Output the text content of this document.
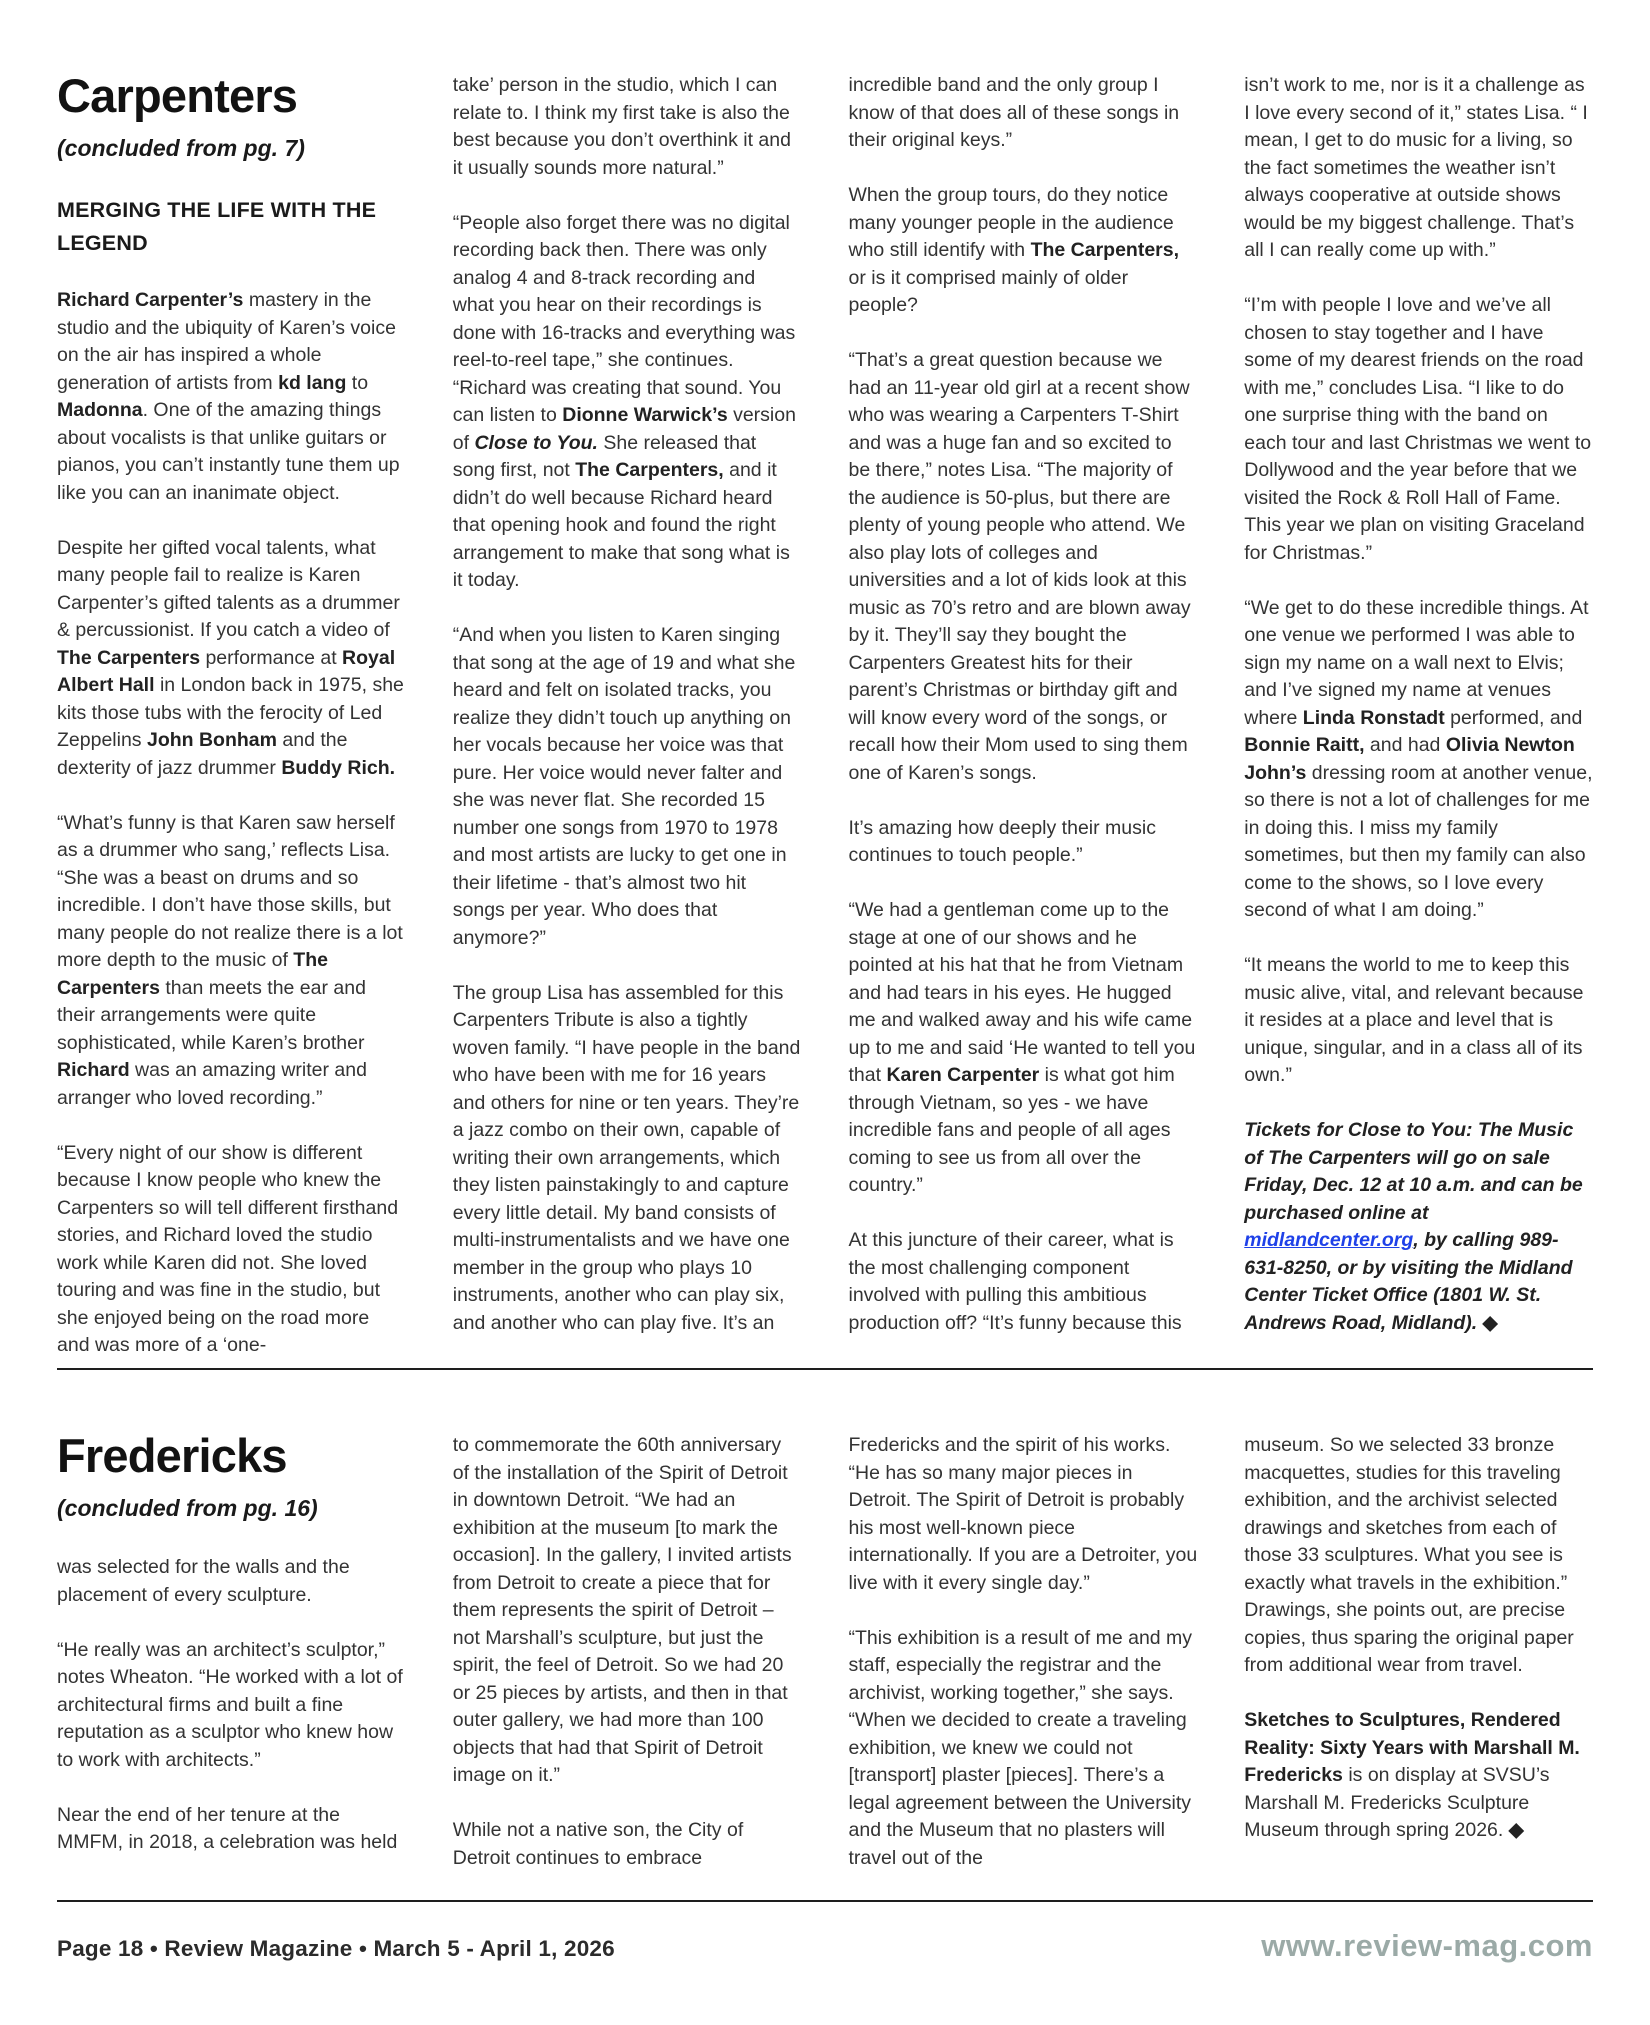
Carpenters
(concluded from pg. 7)
MERGING THE LIFE WITH THE LEGEND

Richard Carpenter’s mastery in the studio and the ubiquity of Karen’s voice on the air has inspired a whole generation of artists from kd lang to Madonna. One of the amazing things about vocalists is that unlike guitars or pianos, you can’t instantly tune them up like you can an inanimate object.

Despite her gifted vocal talents, what many people fail to realize is Karen Carpenter’s gifted talents as a drummer & percussionist. If you catch a video of The Carpenters performance at Royal Albert Hall in London back in 1975, she kits those tubs with the ferocity of Led Zeppelins John Bonham and the dexterity of jazz drummer Buddy Rich.

“What’s funny is that Karen saw herself as a drummer who sang,’ reflects Lisa. “She was a beast on drums and so incredible. I don’t have those skills, but many people do not realize there is a lot more depth to the music of The Carpenters than meets the ear and their arrangements were quite sophisticated, while Karen’s brother Richard was an amazing writer and arranger who loved recording.”

“Every night of our show is different because I know people who knew the Carpenters so will tell different firsthand stories, and Richard loved the studio work while Karen did not. She loved touring and was fine in the studio, but she enjoyed being on the road more and was more of a ‘one-

take’ person in the studio, which I can relate to. I think my first take is also the best because you don’t overthink it and it usually sounds more natural.”

“People also forget there was no digital recording back then. There was only analog 4 and 8-track recording and what you hear on their recordings is done with 16-tracks and everything was reel-to-reel tape,” she continues. “Richard was creating that sound. You can listen to Dionne Warwick’s version of Close to You. She released that song first, not The Carpenters, and it didn’t do well because Richard heard that opening hook and found the right arrangement to make that song what is it today.

“And when you listen to Karen singing that song at the age of 19 and what she heard and felt on isolated tracks, you realize they didn’t touch up anything on her vocals because her voice was that pure. Her voice would never falter and she was never flat. She recorded 15 number one songs from 1970 to 1978 and most artists are lucky to get one in their lifetime - that’s almost two hit songs per year. Who does that anymore?”

The group Lisa has assembled for this Carpenters Tribute is also a tightly woven family. “I have people in the band who have been with me for 16 years and others for nine or ten years. They’re a jazz combo on their own, capable of writing their own arrangements, which they listen painstakingly to and capture every little detail. My band consists of multi-instrumentalists and we have one member in the group who plays 10 instruments, another who can play six, and another who can play five. It’s an

incredible band and the only group I know of that does all of these songs in their original keys.”

When the group tours, do they notice many younger people in the audience who still identify with The Carpenters, or is it comprised mainly of older people?

“That’s a great question because we had an 11-year old girl at a recent show who was wearing a Carpenters T-Shirt and was a huge fan and so excited to be there,” notes Lisa. “The majority of the audience is 50-plus, but there are plenty of young people who attend. We also play lots of colleges and universities and a lot of kids look at this music as 70’s retro and are blown away by it. They’ll say they bought the Carpenters Greatest hits for their parent’s Christmas or birthday gift and will know every word of the songs, or recall how their Mom used to sing them one of Karen’s songs.

It’s amazing how deeply their music continues to touch people.”

“We had a gentleman come up to the stage at one of our shows and he pointed at his hat that he from Vietnam and had tears in his eyes. He hugged me and walked away and his wife came up to me and said ‘He wanted to tell you that Karen Carpenter is what got him through Vietnam, so yes - we have incredible fans and people of all ages coming to see us from all over the country.”

At this juncture of their career, what is the most challenging component involved with pulling this ambitious production off? “It’s funny because this

isn’t work to me, nor is it a challenge as I love every second of it,” states Lisa. “ I mean, I get to do music for a living, so the fact sometimes the weather isn’t always cooperative at outside shows would be my biggest challenge. That’s all I can really come up with.”

“I’m with people I love and we’ve all chosen to stay together and I have some of my dearest friends on the road with me,” concludes Lisa. “I like to do one surprise thing with the band on each tour and last Christmas we went to Dollywood and the year before that we visited the Rock & Roll Hall of Fame. This year we plan on visiting Graceland for Christmas.”

“We get to do these incredible things. At one venue we performed I was able to sign my name on a wall next to Elvis; and I’ve signed my name at venues where Linda Ronstadt performed, and Bonnie Raitt, and had Olivia Newton John’s dressing room at another venue, so there is not a lot of challenges for me in doing this. I miss my family sometimes, but then my family can also come to the shows, so I love every second of what I am doing.”

“It means the world to me to keep this music alive, vital, and relevant because it resides at a place and level that is unique, singular, and in a class all of its own.”

Tickets for Close to You: The Music of The Carpenters will go on sale Friday, Dec. 12 at 10 a.m. and can be purchased online at midlandcenter.org, by calling 989-631-8250, or by visiting the Midland Center Ticket Office (1801 W. St. Andrews Road, Midland). ◆

Fredericks
(concluded from pg. 16)

was selected for the walls and the placement of every sculpture.

“He really was an architect’s sculptor,” notes Wheaton. “He worked with a lot of architectural firms and built a fine reputation as a sculptor who knew how to work with architects.”

Near the end of her tenure at the MMFM, in 2018, a celebration was held

to commemorate the 60th anniversary of the installation of the Spirit of Detroit in downtown Detroit. “We had an exhibition at the museum [to mark the occasion]. In the gallery, I invited artists from Detroit to create a piece that for them represents the spirit of Detroit – not Marshall’s sculpture, but just the spirit, the feel of Detroit. So we had 20 or 25 pieces by artists, and then in that outer gallery, we had more than 100 objects that had that Spirit of Detroit image on it.”

While not a native son, the City of Detroit continues to embrace

Fredericks and the spirit of his works. “He has so many major pieces in Detroit. The Spirit of Detroit is probably his most well-known piece internationally. If you are a Detroiter, you live with it every single day.”

“This exhibition is a result of me and my staff, especially the registrar and the archivist, working together,” she says. “When we decided to create a traveling exhibition, we knew we could not [transport] plaster [pieces]. There’s a legal agreement between the University and the Museum that no plasters will travel out of the

museum. So we selected 33 bronze macquettes, studies for this traveling exhibition, and the archivist selected drawings and sketches from each of those 33 sculptures. What you see is exactly what travels in the exhibition.” Drawings, she points out, are precise copies, thus sparing the original paper from additional wear from travel.

Sketches to Sculptures, Rendered Reality: Sixty Years with Marshall M. Fredericks is on display at SVSU’s Marshall M. Fredericks Sculpture Museum through spring 2026. ◆

Page 18 • Review Magazine • March 5 - April 1, 2026	www.review-mag.com
